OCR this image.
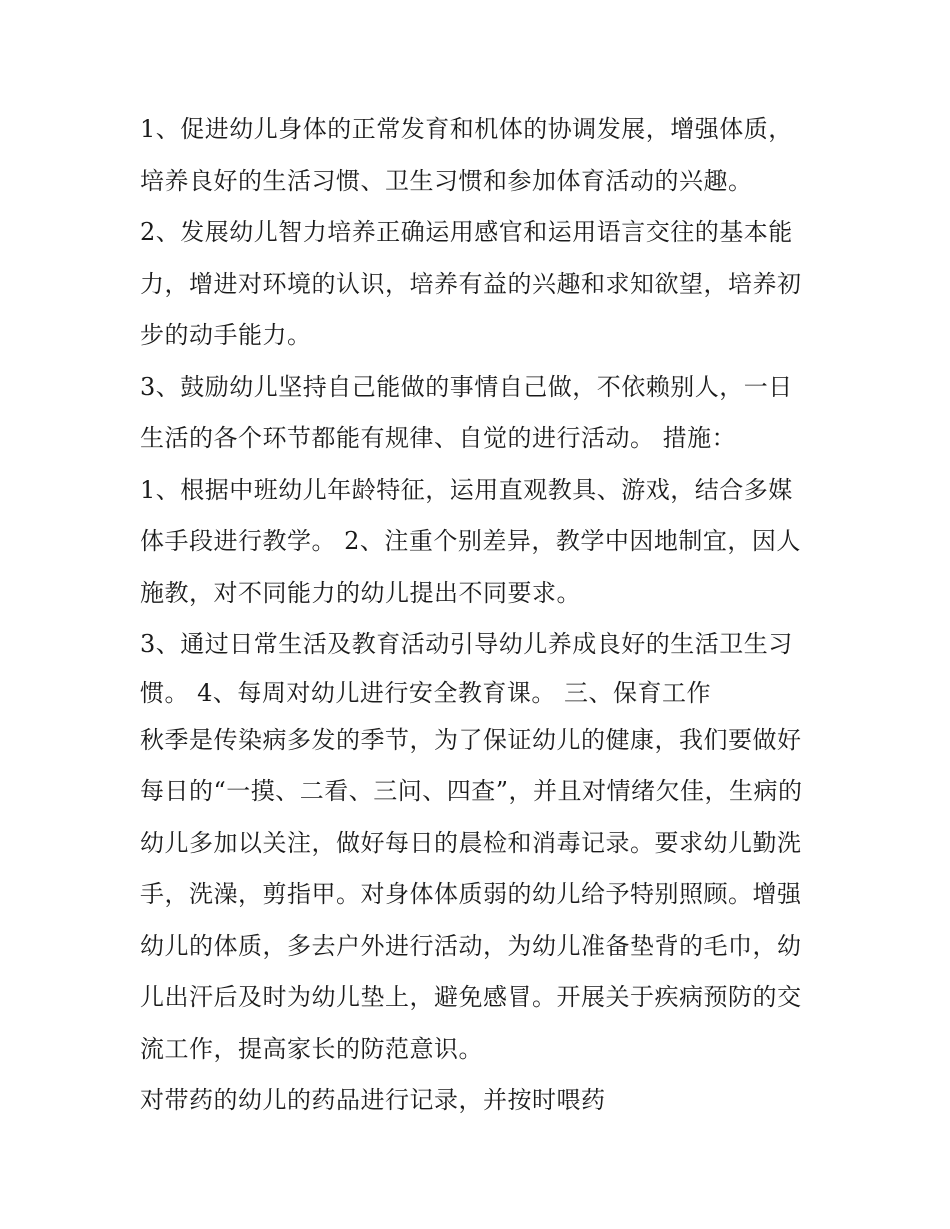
1、促进幼儿身体的正常发育和机体的协调发展，增强体质，
培养良好的生活习惯、卫生习惯和参加体育活动的兴趣。
2、发展幼儿智力培养正确运用感官和运用语言交往的基本能
力，增进对环境的认识，培养有益的兴趣和求知欲望，培养初
步的动手能力。
3、鼓励幼儿坚持自己能做的事情自己做，不依赖别人，一日
生活的各个环节都能有规律、自觉的进行活动。 措施：
1、根据中班幼儿年龄特征，运用直观教具、游戏，结合多媒
体手段进行教学。 2、注重个别差异，教学中因地制宜，因人
施教，对不同能力的幼儿提出不同要求。
3、通过日常生活及教育活动引导幼儿养成良好的生活卫生习
惯。 4、每周对幼儿进行安全教育课。 三、保育工作
秋季是传染病多发的季节，为了保证幼儿的健康，我们要做好
每日的“一摸、二看、三问、四查”，并且对情绪欠佳，生病的
幼儿多加以关注，做好每日的晨检和消毒记录。要求幼儿勤洗
手，洗澡，剪指甲。对身体体质弱的幼儿给予特别照顾。增强
幼儿的体质，多去户外进行活动，为幼儿准备垫背的毛巾，幼
儿出汗后及时为幼儿垫上，避免感冒。开展关于疾病预防的交
流工作，提高家长的防范意识。
对带药的幼儿的药品进行记录，并按时喂药
